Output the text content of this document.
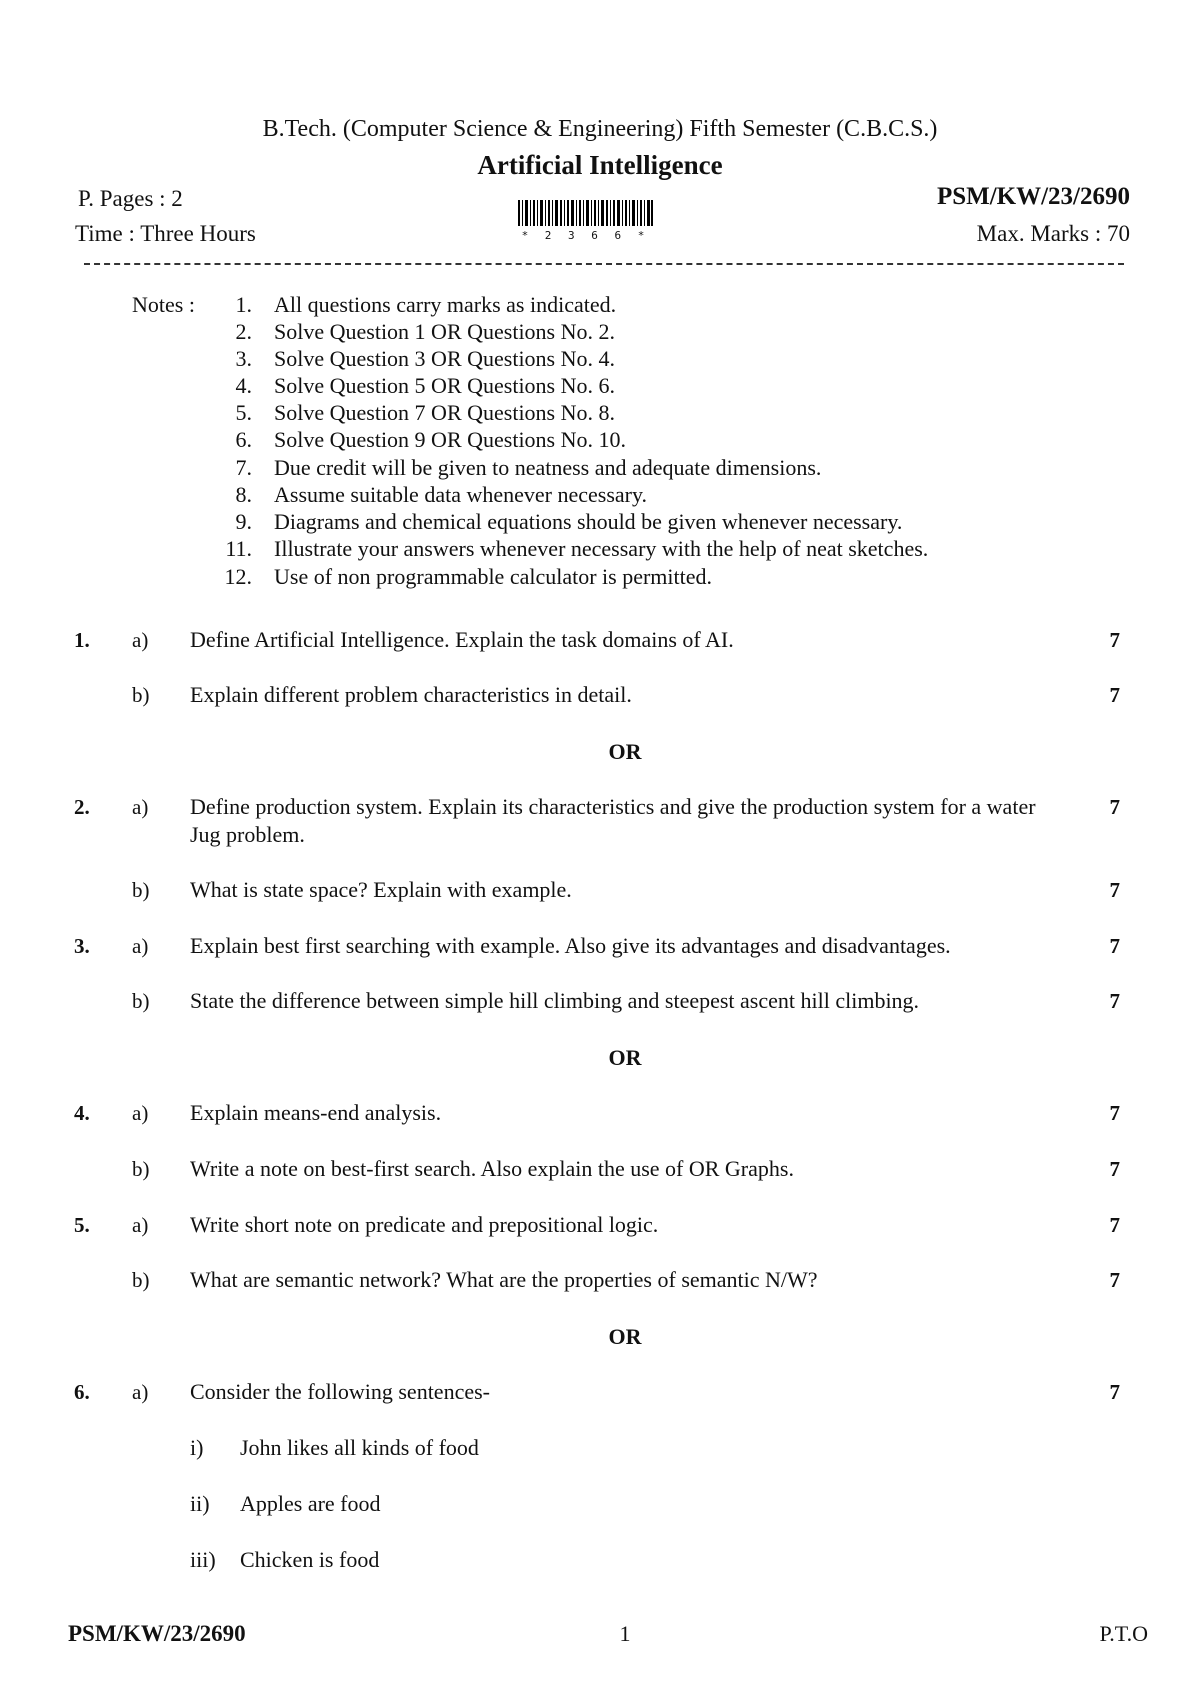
B.Tech. (Computer Science & Engineering) Fifth Semester (C.B.C.S.)
Artificial Intelligence
P. Pages : 2
Time : Three Hours
PSM/KW/23/2690
Max. Marks : 70
* 2 3 6 6 *
Notes :	1. All questions carry marks as indicated.
2. Solve Question 1 OR Questions No. 2.
3. Solve Question 3 OR Questions No. 4.
4. Solve Question 5 OR Questions No. 6.
5. Solve Question 7 OR Questions No. 8.
6. Solve Question 9 OR Questions No. 10.
7. Due credit will be given to neatness and adequate dimensions.
8. Assume suitable data whenever necessary.
9. Diagrams and chemical equations should be given whenever necessary.
11. Illustrate your answers whenever necessary with the help of neat sketches.
12. Use of non programmable calculator is permitted.
1. a) Define Artificial Intelligence. Explain the task domains of AI.	7
b) Explain different problem characteristics in detail.	7
OR
2. a) Define production system. Explain its characteristics and give the production system for a water Jug problem.
7
b) What is state space? Explain with example.	7
3. a) Explain best first searching with example. Also give its advantages and disadvantages.	7
b) State the difference between simple hill climbing and steepest ascent hill climbing.	7
OR
4. a) Explain means-end analysis.	7
b) Write a note on best-first search. Also explain the use of OR Graphs.	7
5. a) Write short note on predicate and prepositional logic.	7
b) What are semantic network? What are the properties of semantic N/W?	7
OR
6. a) Consider the following sentences-	7
i) John likes all kinds of food
ii) Apples are food
iii) Chicken is food
PSM/KW/23/2690	1	P.T.O
